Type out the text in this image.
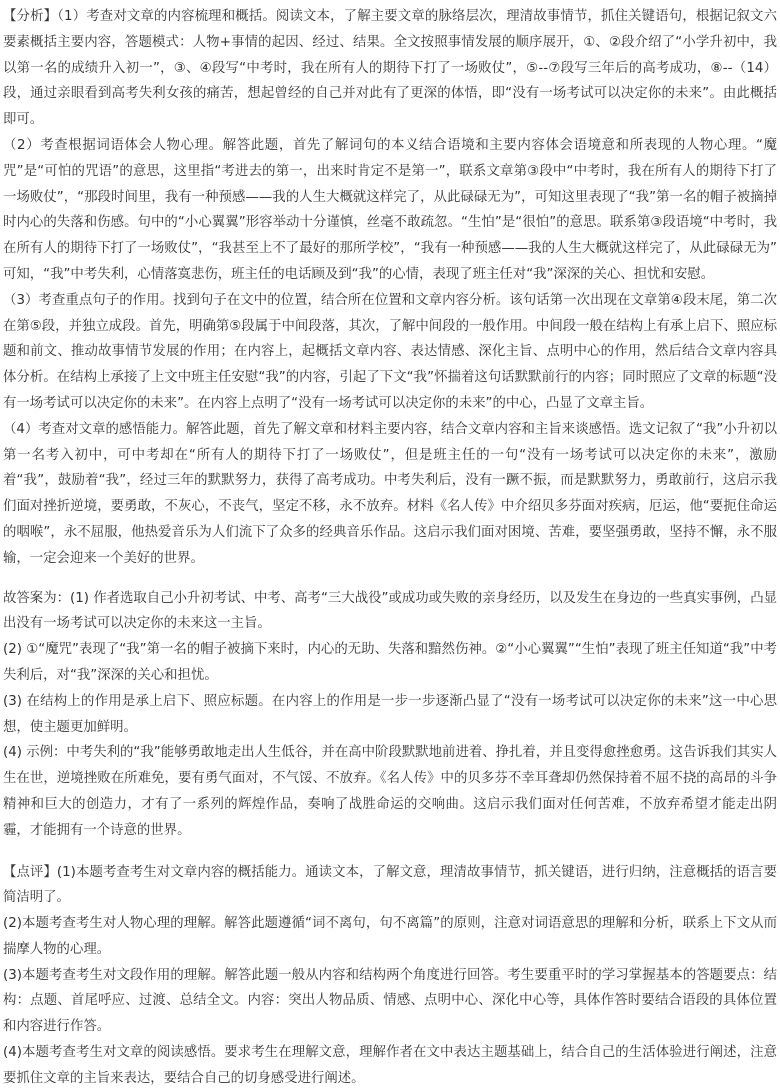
【分析】（1）考查对文章的内容梳理和概括。阅读文本，了解主要文章的脉络层次，理清故事情节，抓住关键语句，根据记叙文六要素概括主要内容，答题模式：人物+事情的起因、经过、结果。全文按照事情发展的顺序展开，①、②段介绍了“小学升初中，我以第一名的成绩升入初一”，③、④段写“中考时，我在所有人的期待下打了一场败仗”，⑤--⑦段写三年后的高考成功，⑧--（14）段，通过亲眼看到高考失利女孩的痛苦，想起曾经的自己并对此有了更深的体悟，即“没有一场考试可以决定你的未来”。由此概括即可。

（2）考查根据词语体会人物心理。解答此题，首先了解词句的本义结合语境和主要内容体会语境意和所表现的人物心理。“魔咒”是“可怕的咒语”的意思，这里指“考进去的第一，出来时肯定不是第一”，联系文章第③段中“中考时，我在所有人的期待下打了一场败仗”，“那段时间里，我有一种预感——我的人生大概就这样完了，从此碌碌无为”，可知这里表现了“我”第一名的帽子被摘掉时内心的失落和伤感。句中的“小心翼翼”形容举动十分谨慎，丝毫不敢疏忽。“生怕”是“很怕”的意思。联系第③段语境“中考时，我在所有人的期待下打了一场败仗”，“我甚至上不了最好的那所学校”，“我有一种预感——我的人生大概就这样完了，从此碌碌无为” 可知，“我”中考失利，心情落寞悲伤，班主任的电话顾及到“我”的心情，表现了班主任对“我”深深的关心、担忧和安慰。

（3）考查重点句子的作用。找到句子在文中的位置，结合所在位置和文章内容分析。该句话第一次出现在文章第④段末尾，第二次在第⑤段，并独立成段。首先，明确第⑤段属于中间段落，其次，了解中间段的一般作用。中间段一般在结构上有承上启下、照应标题和前文、推动故事情节发展的作用；在内容上，起概括文章内容、表达情感、深化主旨、点明中心的作用，然后结合文章内容具体分析。在结构上承接了上文中班主任安慰“我”的内容，引起了下文“我”怀揣着这句话默默前行的内容；同时照应了文章的标题“没有一场考试可以决定你的未来”。在内容上点明了“没有一场考试可以决定你的未来”的中心，凸显了文章主旨。

（4）考查对文章的感悟能力。解答此题，首先了解文章和材料主要内容，结合文章内容和主旨来谈感悟。选文记叙了“我”小升初以第一名考入初中，可中考却在“所有人的期待下打了一场败仗”，但是班主任的一句“没有一场考试可以决定你的未来”，激励着“我”，鼓励着“我”，经过三年的默默努力，获得了高考成功。中考失利后，没有一蹶不振，而是默默努力，勇敢前行，这启示我们面对挫折逆境，要勇敢，不灰心，不丧气，坚定不移，永不放弃。材料《名人传》中介绍贝多芬面对疾病，厄运，他“要扼住命运的咽喉”，永不屈服，他热爱音乐为人们流下了众多的经典音乐作品。这启示我们面对困境、苦难，要坚强勇敢，坚持不懈，永不服输，一定会迎来一个美好的世界。

故答案为：(1) 作者选取自己小升初考试、中考、高考“三大战役”或成功或失败的亲身经历，以及发生在身边的一些真实事例，凸显出没有一场考试可以决定你的未来这一主旨。

(2) ①“魔咒”表现了“我”第一名的帽子被摘下来时，内心的无助、失落和黯然伤神。②“小心翼翼”“生怕”表现了班主任知道“我”中考失利后，对“我”深深的关心和担忧。

(3) 在结构上的作用是承上启下、照应标题。在内容上的作用是一步一步逐渐凸显了“没有一场考试可以决定你的未来”这一中心思想，使主题更加鲜明。

(4) 示例：中考失利的“我”能够勇敢地走出人生低谷，并在高中阶段默默地前进着、挣扎着，并且变得愈挫愈勇。这告诉我们其实人生在世，逆境挫败在所难免，要有勇气面对，不气馁、不放弃。《名人传》中的贝多芬不幸耳聋却仍然保持着不屈不挠的高昂的斗争精神和巨大的创造力，才有了一系列的辉煌作品，奏响了战胜命运的交响曲。这启示我们面对任何苦难，不放弃希望才能走出阴霾，才能拥有一个诗意的世界。

【点评】(1)本题考查考生对文章内容的概括能力。通读文本，了解文意，理清故事情节，抓关键语，进行归纳，注意概括的语言要简洁明了。

(2)本题考查考生对人物心理的理解。解答此题遵循“词不离句，句不离篇”的原则，注意对词语意思的理解和分析，联系上下文从而揣摩人物的心理。

(3)本题考查考生对文段作用的理解。解答此题一般从内容和结构两个角度进行回答。考生要重平时的学习掌握基本的答题要点：结构：点题、首尾呼应、过渡、总结全文。内容：突出人物品质、情感、点明中心、深化中心等，具体作答时要结合语段的具体位置和内容进行作答。

(4)本题考查考生对文章的阅读感悟。要求考生在理解文意，理解作者在文中表达主题基础上，结合自己的生活体验进行阐述，注意要抓住文章的主旨来表达，要结合自己的切身感受进行阐述。
